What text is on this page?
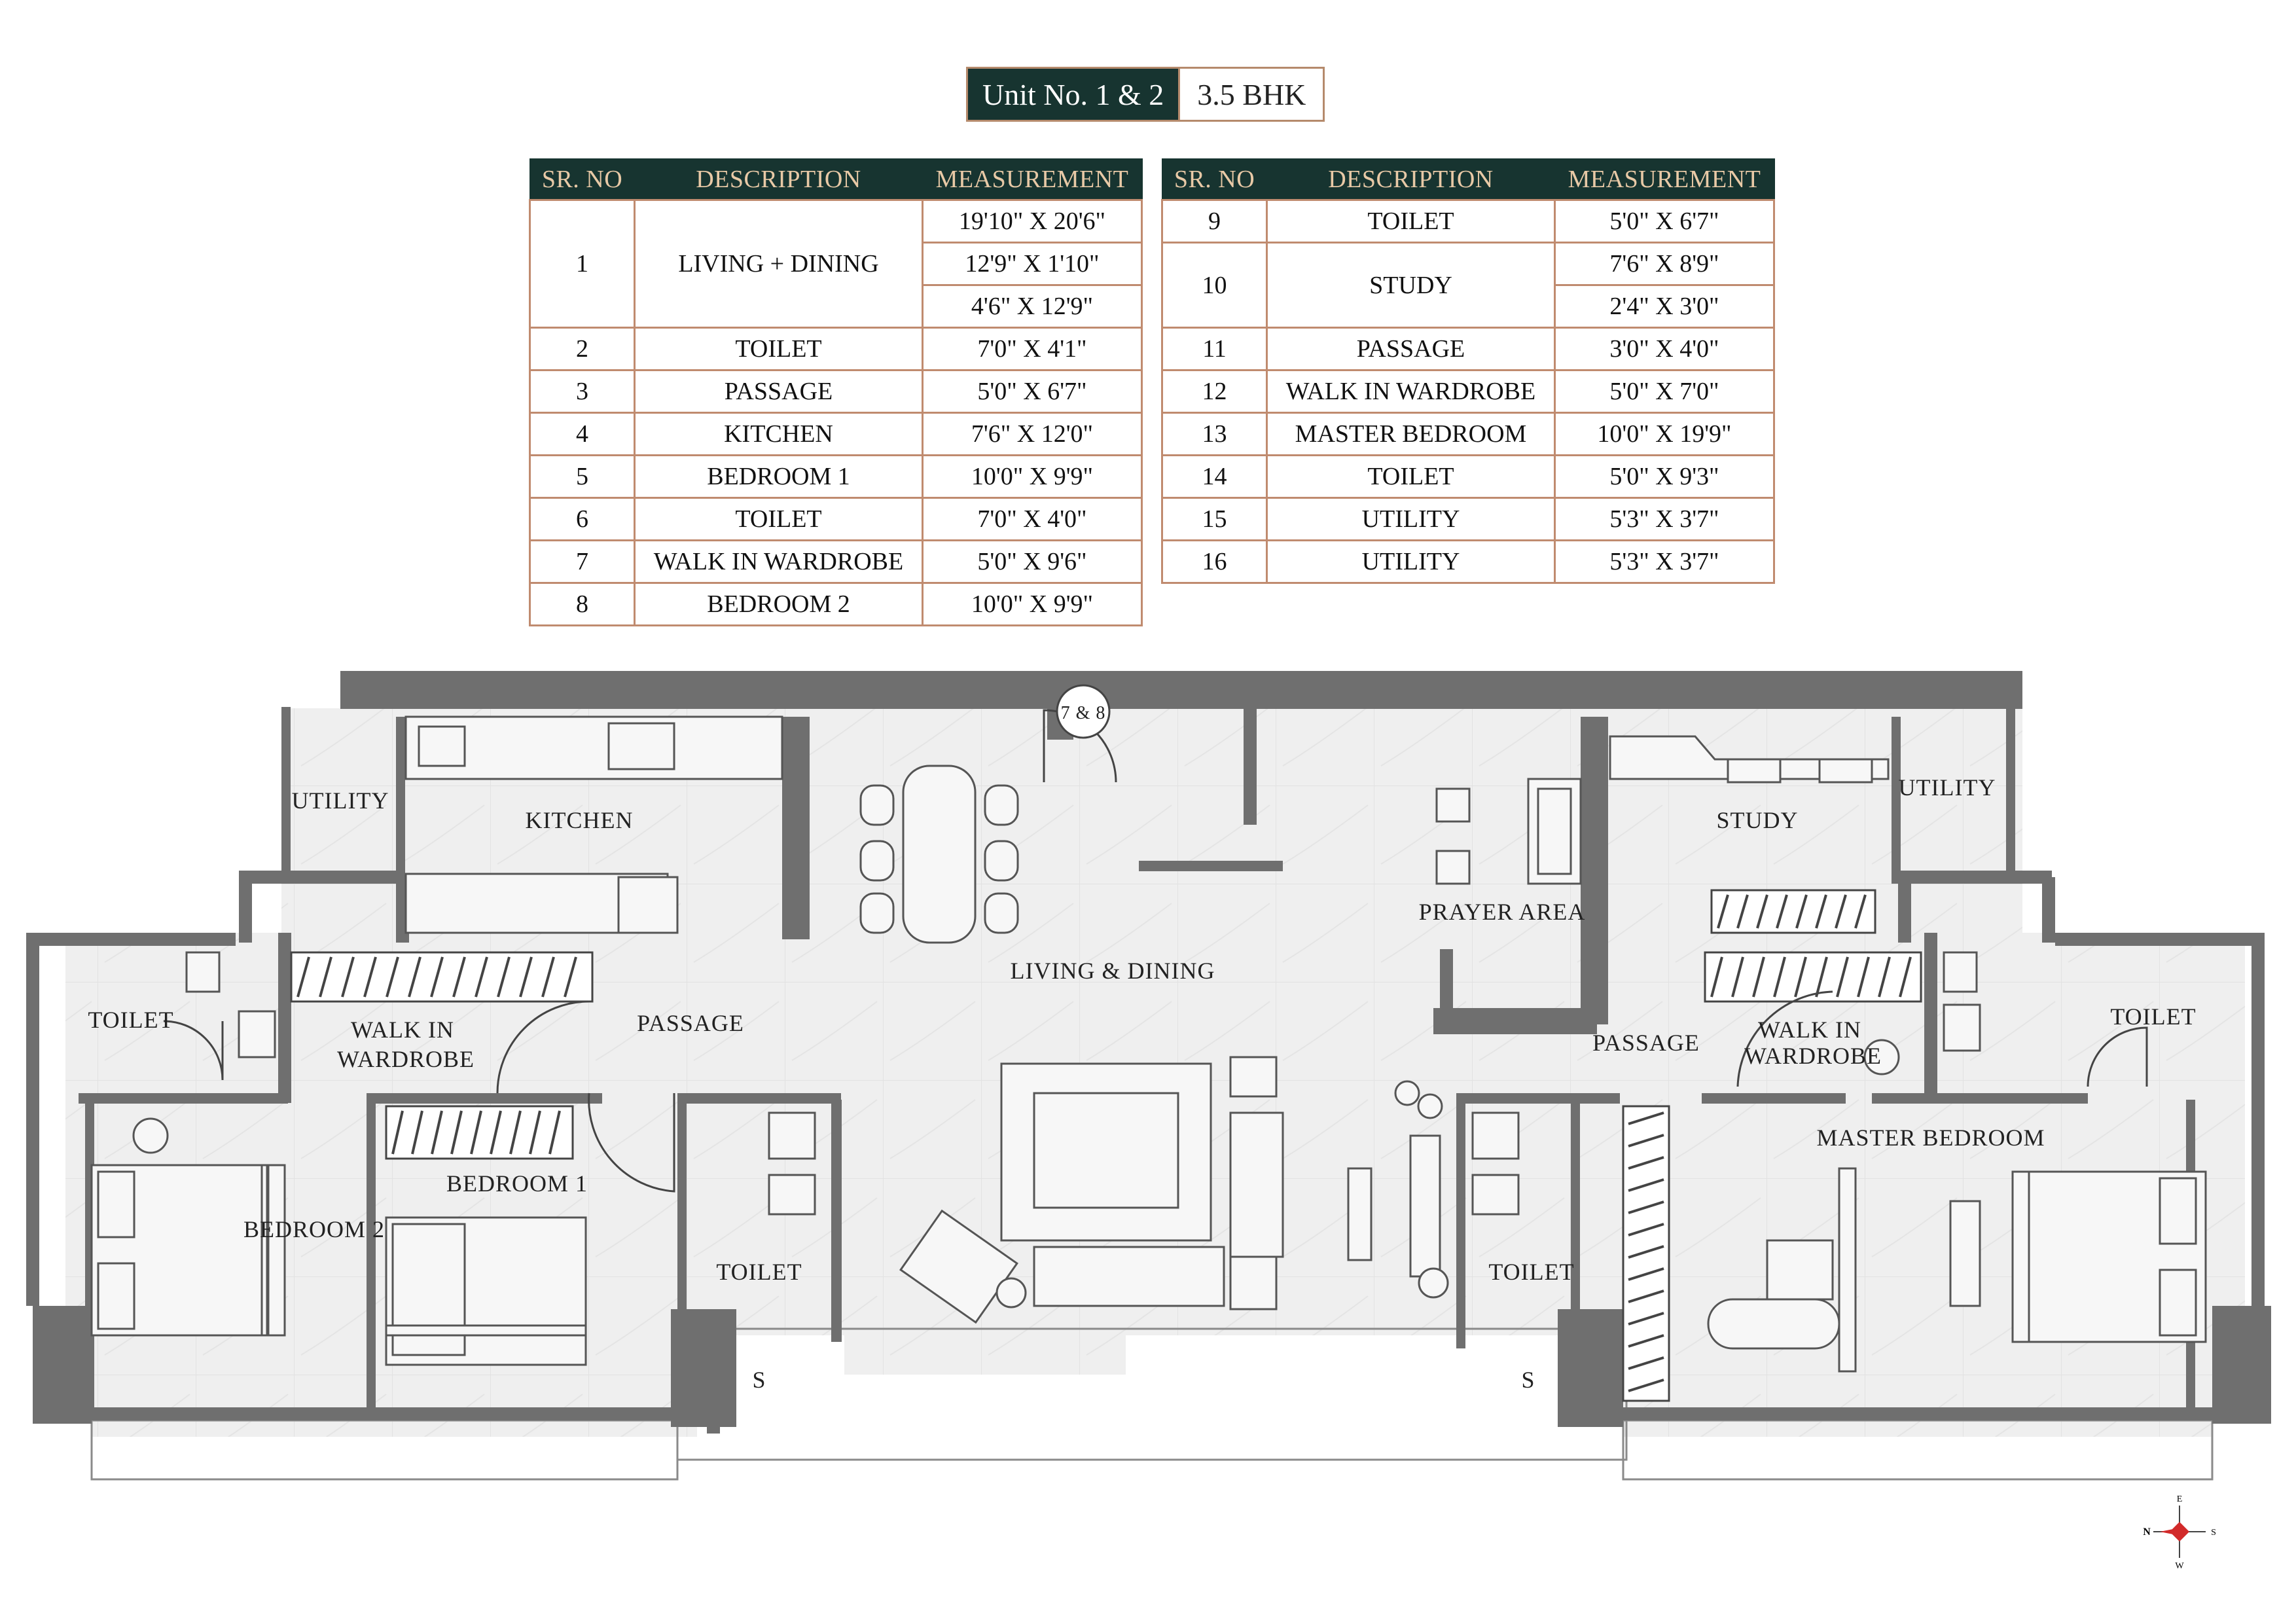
Unit No. 1 & 2	3.5 BHK
SR. NO	DESCRIPTION	MEASUREMENT
1	LIVING + DINING	19'10" X 20'6"
		12'9" X 1'10"
		4'6" X 12'9"
2	TOILET	7'0" X 4'1"
3	PASSAGE	5'0" X 6'7"
4	KITCHEN	7'6" X 12'0"
5	BEDROOM 1	10'0" X 9'9"
6	TOILET	7'0" X 4'0"
7	WALK IN WARDROBE	5'0" X 9'6"
8	BEDROOM 2	10'0" X 9'9"
SR. NO	DESCRIPTION	MEASUREMENT
9	TOILET	5'0" X 6'7"
10	STUDY	7'6" X 8'9"
		2'4" X 3'0"
11	PASSAGE	3'0" X 4'0"
12	WALK IN WARDROBE	5'0" X 7'0"
13	MASTER BEDROOM	10'0" X 19'9"
14	TOILET	5'0" X 9'3"
15	UTILITY	5'3" X 3'7"
16	UTILITY	5'3" X 3'7"
UTILITY
KITCHEN
TOILET	WALK IN WARDROBE
PASSAGE
BEDROOM 1
BEDROOM 2
TOILET
LIVING & DINING
PRAYER AREA
STUDY
UTILITY
PASSAGE	WALK IN WARDROBE
TOILET
MASTER BEDROOM
TOILET
S	S
7 & 8
E
N	S
W
